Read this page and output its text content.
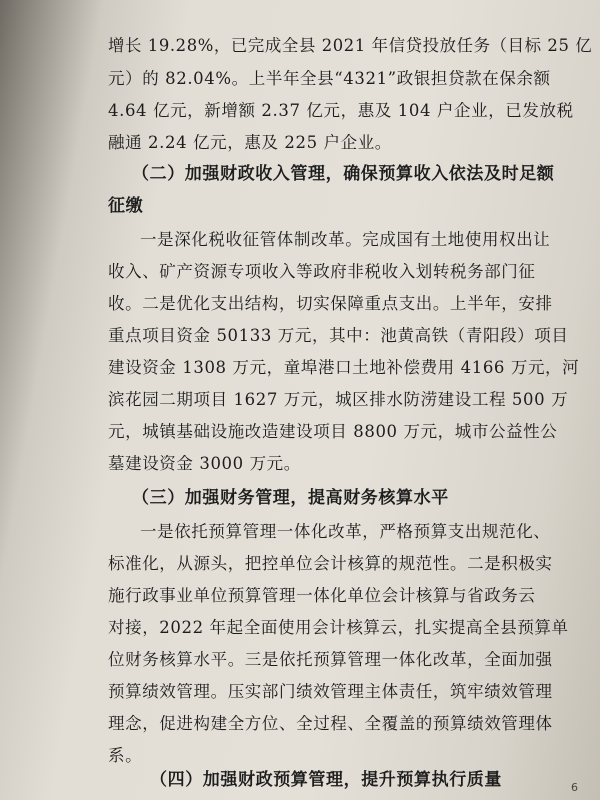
增长 19.28%，已完成全县 2021 年信贷投放任务（目标 25 亿
元）的 82.04%。上半年全县“4321”政银担贷款在保余额
4.64 亿元，新增额 2.37 亿元，惠及 104 户企业，已发放税
融通 2.24 亿元，惠及 225 户企业。
（二）加强财政收入管理，确保预算收入依法及时足额
征缴
一是深化税收征管体制改革。完成国有土地使用权出让
收入、矿产资源专项收入等政府非税收入划转税务部门征
收。二是优化支出结构，切实保障重点支出。上半年，安排
重点项目资金 50133 万元，其中：池黄高铁（青阳段）项目
建设资金 1308 万元，童埠港口土地补偿费用 4166 万元，河
滨花园二期项目 1627 万元，城区排水防涝建设工程 500 万
元，城镇基础设施改造建设项目 8800 万元，城市公益性公
墓建设资金 3000 万元。
（三）加强财务管理，提高财务核算水平
一是依托预算管理一体化改革，严格预算支出规范化、
标准化，从源头，把控单位会计核算的规范性。二是积极实
施行政事业单位预算管理一体化单位会计核算与省政务云
对接，2022 年起全面使用会计核算云，扎实提高全县预算单
位财务核算水平。三是依托预算管理一体化改革，全面加强
预算绩效管理。压实部门绩效管理主体责任，筑牢绩效管理
理念，促进构建全方位、全过程、全覆盖的预算绩效管理体
系。
（四）加强财政预算管理，提升预算执行质量	6
